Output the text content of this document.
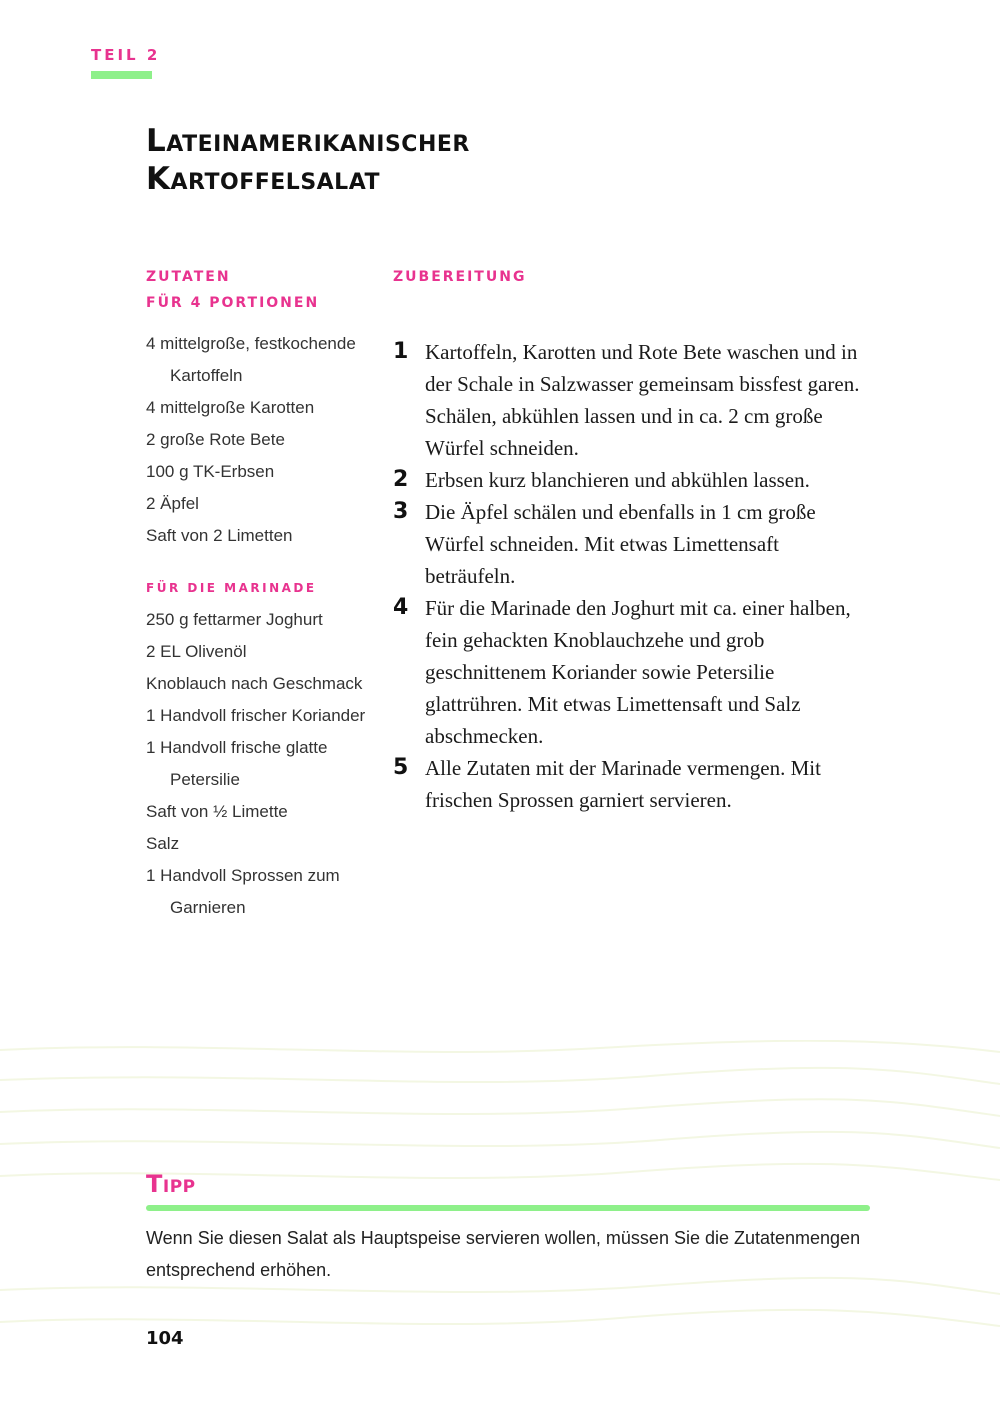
TEIL 2
Lateinamerikanischer
Kartoffelsalat
ZUTATEN
FÜR 4 PORTIONEN
4 mittelgroße, festkochende Kartoffeln
4 mittelgroße Karotten
2 große Rote Bete
100 g TK-Erbsen
2 Äpfel
Saft von 2 Limetten
FÜR DIE MARINADE
250 g fettarmer Joghurt
2 EL Olivenöl
Knoblauch nach Geschmack
1 Handvoll frischer Koriander
1 Handvoll frische glatte Petersilie
Saft von ½ Limette
Salz
1 Handvoll Sprossen zum Garnieren
ZUBEREITUNG
1 Kartoffeln, Karotten und Rote Bete waschen und in der Schale in Salzwasser gemeinsam bissfest garen. Schälen, abkühlen lassen und in ca. 2 cm große Würfel schneiden.
2 Erbsen kurz blanchieren und abkühlen lassen.
3 Die Äpfel schälen und ebenfalls in 1 cm große Würfel schneiden. Mit etwas Limettensaft beträufeln.
4 Für die Marinade den Joghurt mit ca. einer halben, fein gehackten Knoblauchzehe und grob geschnittenem Koriander sowie Petersilie glattrühren. Mit etwas Limettensaft und Salz abschmecken.
5 Alle Zutaten mit der Marinade vermengen. Mit frischen Sprossen garniert servieren.
Tipp

Wenn Sie diesen Salat als Hauptspeise servieren wollen, müssen Sie die Zutatenmengen entsprechend erhöhen.

104
